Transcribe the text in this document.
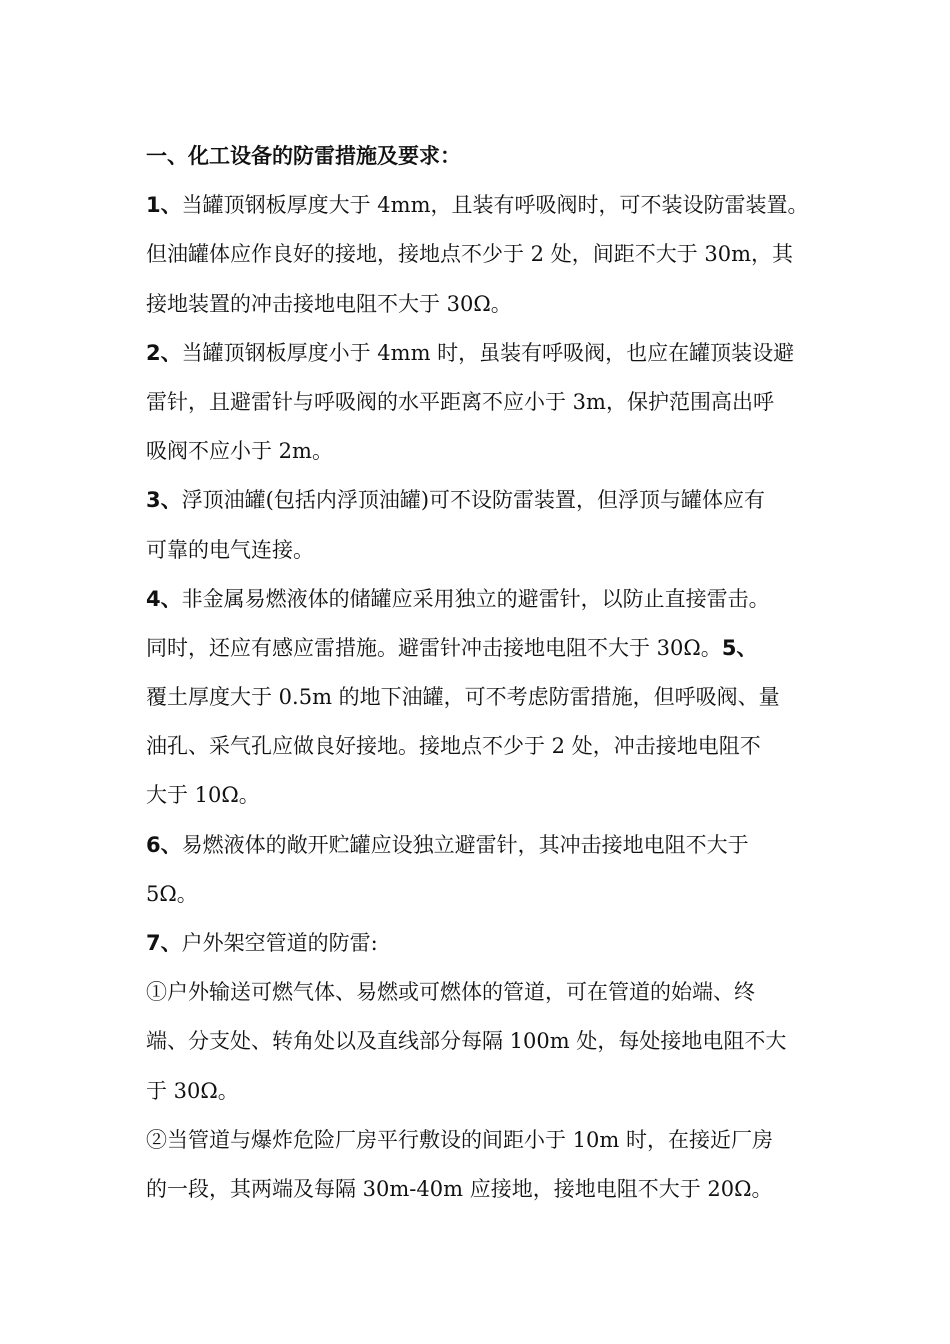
一、化工设备的防雷措施及要求：
1、当罐顶钢板厚度大于 4mm，且装有呼吸阀时，可不装设防雷装置。
但油罐体应作良好的接地，接地点不少于 2 处，间距不大于 30m，其
接地装置的冲击接地电阻不大于 30Ω。
2、当罐顶钢板厚度小于 4mm 时，虽装有呼吸阀，也应在罐顶装设避
雷针，且避雷针与呼吸阀的水平距离不应小于 3m，保护范围高出呼
吸阀不应小于 2m。
3、浮顶油罐(包括内浮顶油罐)可不设防雷装置，但浮顶与罐体应有
可靠的电气连接。
4、非金属易燃液体的储罐应采用独立的避雷针，以防止直接雷击。
同时，还应有感应雷措施。避雷针冲击接地电阻不大于 30Ω。5、
覆土厚度大于 0.5m 的地下油罐，可不考虑防雷措施，但呼吸阀、量
油孔、采气孔应做良好接地。接地点不少于 2 处，冲击接地电阻不
大于 10Ω。
6、易燃液体的敞开贮罐应设独立避雷针，其冲击接地电阻不大于
5Ω。
7、户外架空管道的防雷:
①户外输送可燃气体、易燃或可燃体的管道，可在管道的始端、终
端、分支处、转角处以及直线部分每隔 100m 处，每处接地电阻不大
于 30Ω。
②当管道与爆炸危险厂房平行敷设的间距小于 10m 时，在接近厂房
的一段，其两端及每隔 30m-40m 应接地，接地电阻不大于 20Ω。
